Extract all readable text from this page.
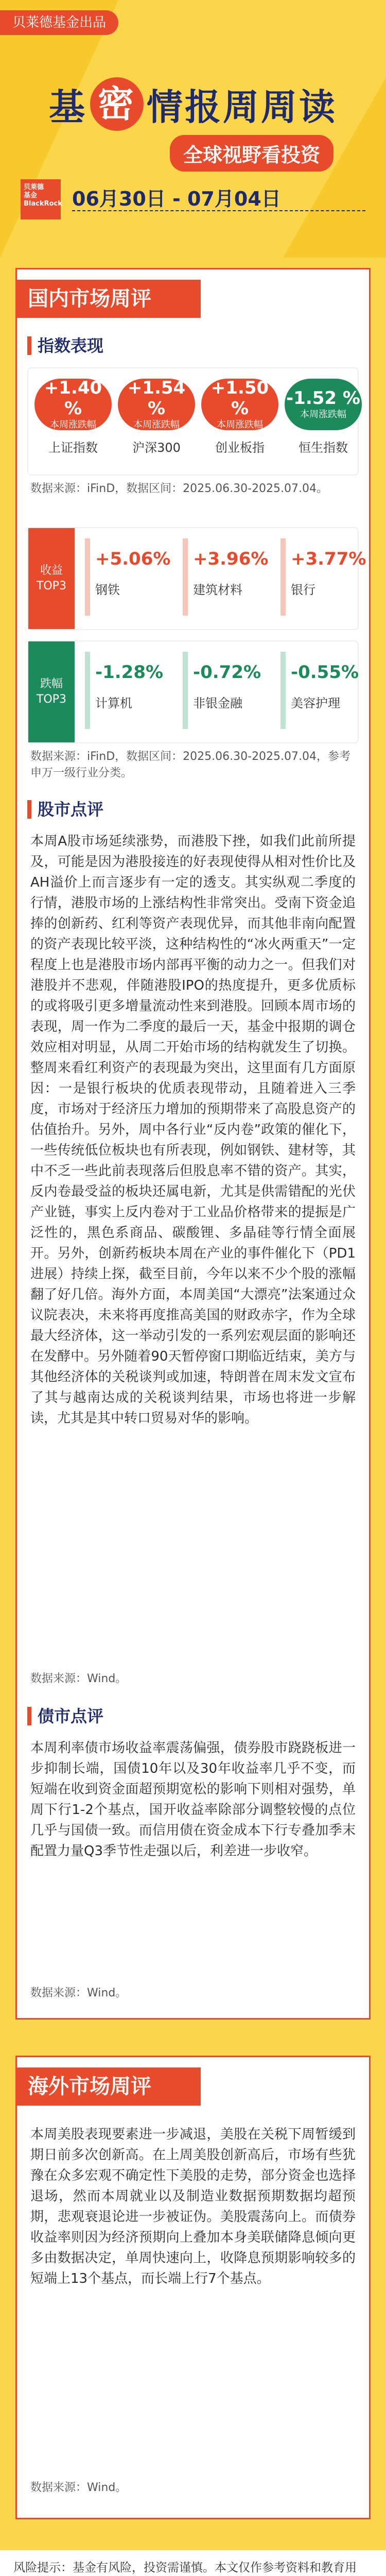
贝莱德基金出品
基 密 情报周周读
全球视野看投资
贝莱德
基金
BlackRock 06月30日 - 07月04日
国内市场周评
指数表现
+1.40 %
本周涨跌幅
上证指数
+1.54 %
本周涨跌幅
沪深300
+1.50 %
本周涨跌幅
创业板指
-1.52 %
本周涨跌幅
恒生指数
数据来源：iFinD，数据区间：2025.06.30-2025.07.04。
收益
TOP3
+5.06%
钢铁
+3.96%
建筑材料
+3.77%
银行
跌幅
TOP3
-1.28%
计算机
-0.72%
非银金融
-0.55%
美容护理
数据来源：iFinD，数据区间：2025.06.30-2025.07.04，参考申万一级行业分类。
股市点评
本周A股市场延续涨势，而港股下挫，如我们此前所提及，可能是因为港股接连的好表现使得从相对性价比及AH溢价上而言逐步有一定的透支。其实纵观二季度的行情，港股市场的上涨结构性非常突出。受南下资金追捧的创新药、红利等资产表现优异，而其他非南向配置的资产表现比较平淡，这种结构性的“冰火两重天”一定程度上也是港股市场内部再平衡的动力之一。但我们对港股并不悲观，伴随港股IPO的热度提升，更多优质标的或将吸引更多增量流动性来到港股。回顾本周市场的表现，周一作为二季度的最后一天，基金中报期的调仓效应相对明显，从周二开始市场的结构就发生了切换。整周来看红利资产的表现最为突出，这里面有几方面原因：一是银行板块的优质表现带动，且随着进入三季度，市场对于经济压力增加的预期带来了高股息资产的估值抬升。另外，周中各行业“反内卷”政策的催化下，一些传统低位板块也有所表现，例如钢铁、建材等，其中不乏一些此前表现落后但股息率不错的资产。其实，反内卷最受益的板块还属电新，尤其是供需错配的光伏产业链，事实上反内卷对于工业品价格带来的提振是广泛性的，黑色系商品、碳酸锂、多晶硅等行情全面展开。另外，创新药板块本周在产业的事件催化下（PD1进展）持续上探，截至目前，今年以来不少个股的涨幅翻了好几倍。海外方面，本周美国“大漂亮”法案通过众议院表决，未来将再度推高美国的财政赤字，作为全球最大经济体，这一举动引发的一系列宏观层面的影响还在发酵中。另外随着90天暂停窗口期临近结束，美方与其他经济体的关税谈判或加速，特朗普在周末发文宣布了其与越南达成的关税谈判结果，市场也将进一步解读，尤其是其中转口贸易对华的影响。
数据来源：Wind。
债市点评
本周利率债市场收益率震荡偏强，债券股市跷跷板进一步抑制长端，国债10年以及30年收益率几乎不变，而短端在收到资金面超预期宽松的影响下则相对强势，单周下行1-2个基点，国开收益率除部分调整较慢的点位几乎与国债一致。而信用债在资金成本下行专叠加季末配置力量Q3季节性走强以后，利差进一步收窄。
数据来源：Wind。
海外市场周评
本周美股表现要素进一步减退，美股在关税下周暂缓到期日前多次创新高。在上周美股创新高后，市场有些犹豫在众多宏观不确定性下美股的走势，部分资金也选择退场，然而本周就业以及制造业数据预期数据均超预期，悲观衰退论进一步被证伪。美股震荡向上。而债券收益率则因为经济预期向上叠加本身美联储降息倾向更多由数据决定，单周快速向上，收降息预期影响较多的短端上13个基点，而长端上行7个基点。
数据来源：Wind。
风险提示：基金有风险，投资需谨慎。本文仅作参考资料和教育用
